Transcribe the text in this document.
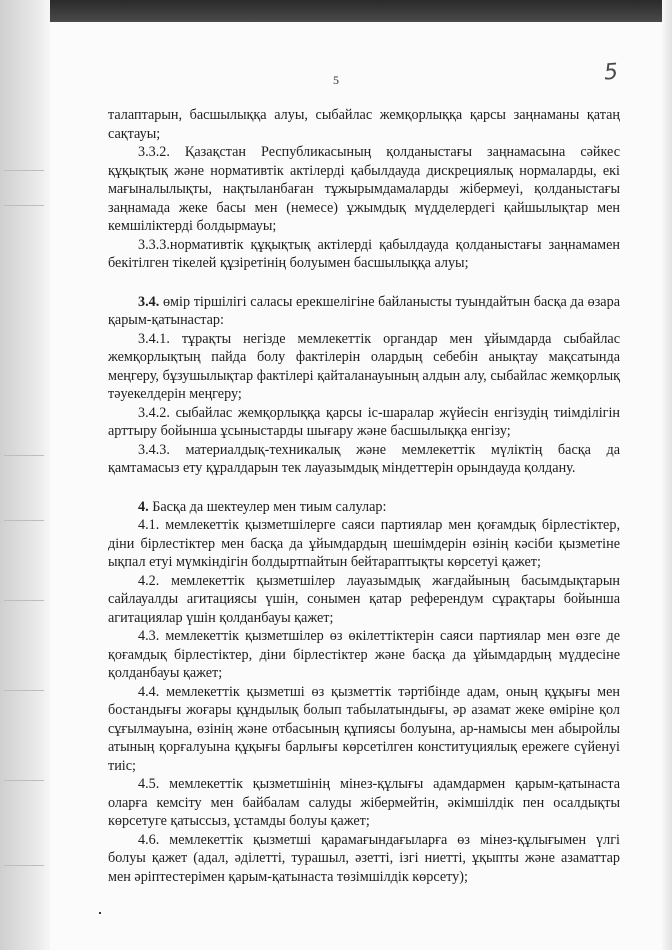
5	5

талаптарын, басшылыққа алуы, сыбайлас жемқорлыққа қарсы заңнаманы қатаң сақтауы;

3.3.2. Қазақстан Республикасының қолданыстағы заңнамасына сәйкес құқықтық және нормативтік актілерді қабылдауда дискрециялық нормаларды, екі мағыналылықты, нақтыланбаған тұжырымдамаларды жібермеуі, қолданыстағы заңнамада жеке басы мен (немесе) ұжымдық мүдделердегі қайшылықтар мен кемшіліктерді болдырмауы;

3.3.3.нормативтік құқықтық актілерді қабылдауда қолданыстағы заңнамамен бекітілген тікелей құзіретінің болуымен басшылыққа алуы;

3.4. өмір тіршілігі саласы ерекшелігіне байланысты туындайтын басқа да өзара қарым-қатынастар:

3.4.1. тұрақты негізде мемлекеттік органдар мен ұйымдарда сыбайлас жемқорлықтың пайда болу фактілерін олардың себебін анықтау мақсатында меңгеру, бұзушылықтар фактілері қайталанауының алдын алу, сыбайлас жемқорлық тәуекелдерін меңгеру;

3.4.2. сыбайлас жемқорлыққа қарсы іс-шаралар жүйесін енгізудің тиімділігін арттыру бойынша ұсыныстарды шығару және басшылыққа енгізу;

3.4.3. материалдық-техникалық және мемлекеттік мүліктің басқа да қамтамасыз ету құралдарын тек лауазымдық міндеттерін орындауда қолдану.

4. Басқа да шектеулер мен тиым салулар:

4.1. мемлекеттік қызметшілерге саяси партиялар мен қоғамдық бірлестіктер, діни бірлестіктер мен басқа да ұйымдардың шешімдерін өзінің кәсіби қызметіне ықпал етуі мүмкіндігін болдыртпайтын бейтараптықты көрсетуі қажет;

4.2. мемлекеттік қызметшілер лауазымдық жағдайының басымдықтарын сайлауалды агитациясы үшін, сонымен қатар референдум сұрақтары бойынша агитациялар үшін қолданбауы қажет;

4.3. мемлекеттік қызметшілер өз өкілеттіктерін саяси партиялар мен өзге де қоғамдық бірлестіктер, діни бірлестіктер және басқа да ұйымдардың мүддесіне қолданбауы қажет;

4.4. мемлекеттік қызметші өз қызметтік тәртібінде адам, оның құқығы мен бостандығы жоғары құндылық болып табылатындығы, әр азамат жеке өміріне қол сұғылмауына, өзінің және отбасының құпиясы болуына, ар-намысы мен абыройлы атының қорғалуына құқығы барлығы көрсетілген конституциялық ережеге сүйенуі тиіс;

4.5. мемлекеттік қызметшінің мінез-құлығы адамдармен қарым-қатынаста оларға кемсіту мен байбалам салуды жібермейтін, әкімшілдік пен осалдықты көрсетуге қатыссыз, ұстамды болуы қажет;

4.6. мемлекеттік қызметші қарамағындағыларға өз мінез-құлығымен үлгі болуы қажет (адал, әділетті, турашыл, әзетті, ізгі ниетті, ұқыпты және азаматтар мен әріптестерімен қарым-қатынаста төзімшілдік көрсету);
